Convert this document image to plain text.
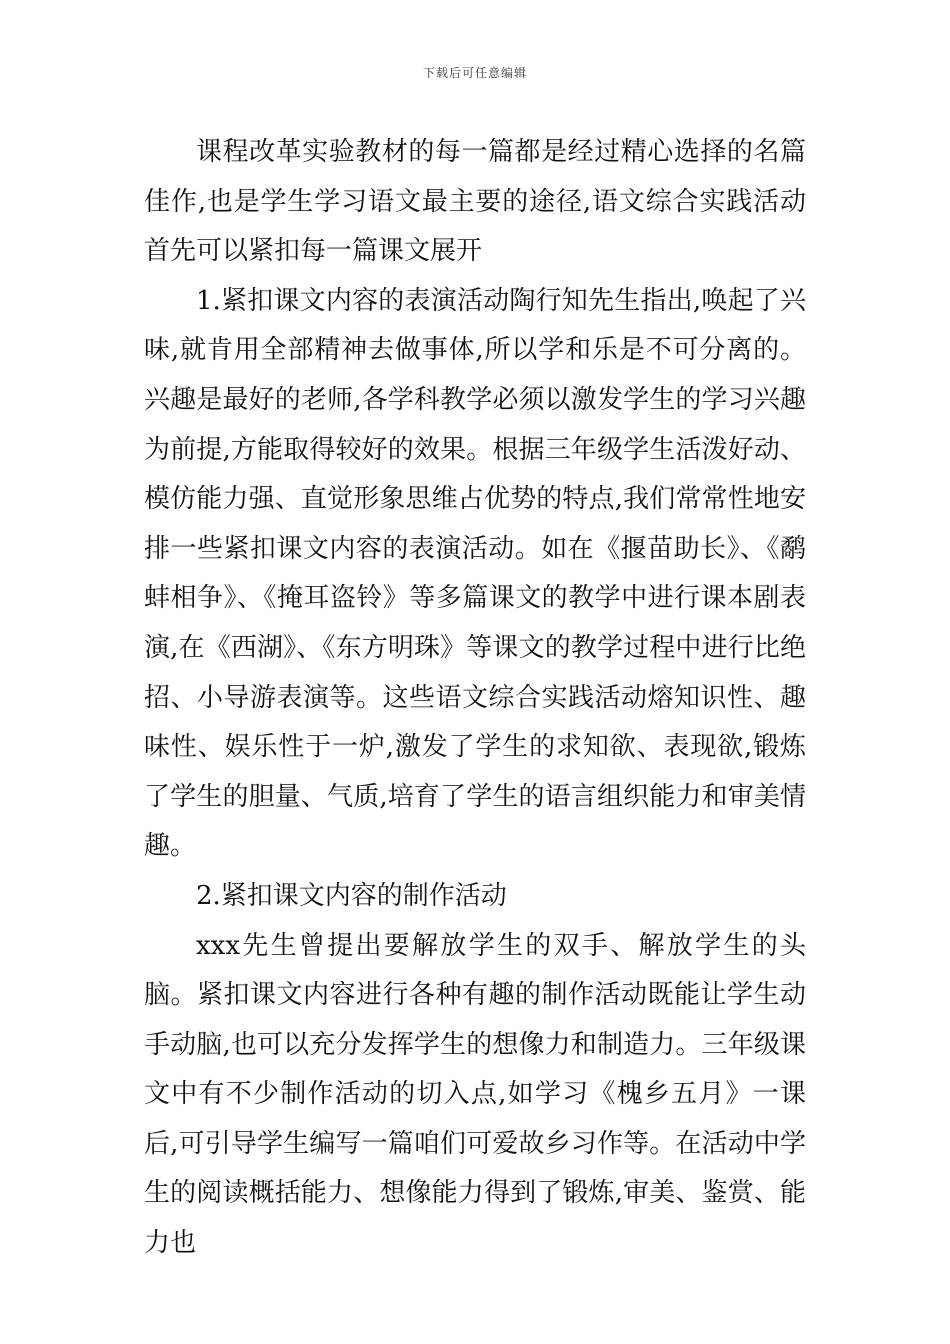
下载后可任意编辑

课程改革实验教材的每一篇都是经过精心选择的名篇佳作,也是学生学习语文最主要的途径,语文综合实践活动首先可以紧扣每一篇课文展开

1.紧扣课文内容的表演活动陶行知先生指出,唤起了兴味,就肯用全部精神去做事体,所以学和乐是不可分离的。兴趣是最好的老师,各学科教学必须以激发学生的学习兴趣为前提,方能取得较好的效果。根据三年级学生活泼好动、模仿能力强、直觉形象思维占优势的特点,我们常常性地安排一些紧扣课文内容的表演活动。如在《揠苗助长》、《鹬蚌相争》、《掩耳盗铃》等多篇课文的教学中进行课本剧表演,在《西湖》、《东方明珠》等课文的教学过程中进行比绝招、小导游表演等。这些语文综合实践活动熔知识性、趣味性、娱乐性于一炉,激发了学生的求知欲、表现欲,锻炼了学生的胆量、气质,培育了学生的语言组织能力和审美情趣。

2.紧扣课文内容的制作活动

xxx先生曾提出要解放学生的双手、解放学生的头脑。紧扣课文内容进行各种有趣的制作活动既能让学生动手动脑,也可以充分发挥学生的想像力和制造力。三年级课文中有不少制作活动的切入点,如学习《槐乡五月》一课后,可引导学生编写一篇咱们可爱故乡习作等。在活动中学生的阅读概括能力、想像能力得到了锻炼,审美、鉴赏、能力也
